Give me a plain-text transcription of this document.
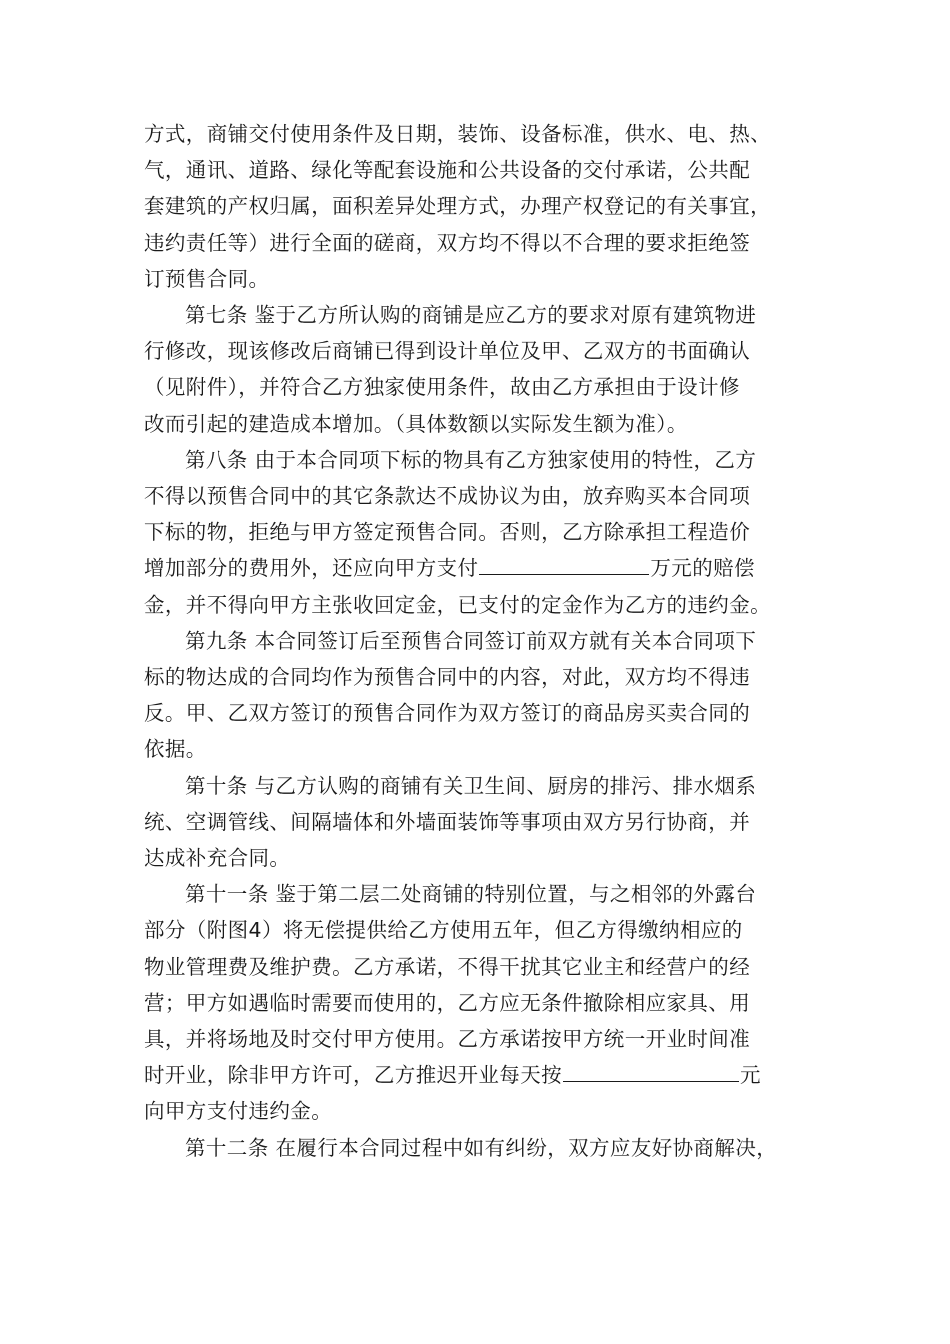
方式，商铺交付使用条件及日期，装饰、设备标准，供水、电、热、
气，通讯、道路、绿化等配套设施和公共设备的交付承诺，公共配
套建筑的产权归属，面积差异处理方式，办理产权登记的有关事宜，
违约责任等）进行全面的磋商，双方均不得以不合理的要求拒绝签
订预售合同。

第七条 鉴于乙方所认购的商铺是应乙方的要求对原有建筑物进
行修改，现该修改后商铺已得到设计单位及甲、乙双方的书面确认
（见附件），并符合乙方独家使用条件，故由乙方承担由于设计修
改而引起的建造成本增加。（具体数额以实际发生额为准）。

第八条 由于本合同项下标的物具有乙方独家使用的特性，乙方
不得以预售合同中的其它条款达不成协议为由，放弃购买本合同项
下标的物，拒绝与甲方签定预售合同。否则，乙方除承担工程造价
增加部分的费用外，还应向甲方支付	万元的赔偿
金，并不得向甲方主张收回定金，已支付的定金作为乙方的违约金。

第九条 本合同签订后至预售合同签订前双方就有关本合同项下
标的物达成的合同均作为预售合同中的内容，对此，双方均不得违
反。甲、乙双方签订的预售合同作为双方签订的商品房买卖合同的
依据。

第十条 与乙方认购的商铺有关卫生间、厨房的排污、排水烟系
统、空调管线、间隔墙体和外墙面装饰等事项由双方另行协商，并
达成补充合同。

第十一条 鉴于第二层二处商铺的特别位置，与之相邻的外露台
部分（附图4）将无偿提供给乙方使用五年，但乙方得缴纳相应的
物业管理费及维护费。乙方承诺，不得干扰其它业主和经营户的经
营；甲方如遇临时需要而使用的，乙方应无条件撤除相应家具、用
具，并将场地及时交付甲方使用。乙方承诺按甲方统一开业时间准
时开业，除非甲方许可，乙方推迟开业每天按	元
向甲方支付违约金。

第十二条 在履行本合同过程中如有纠纷，双方应友好协商解决，
